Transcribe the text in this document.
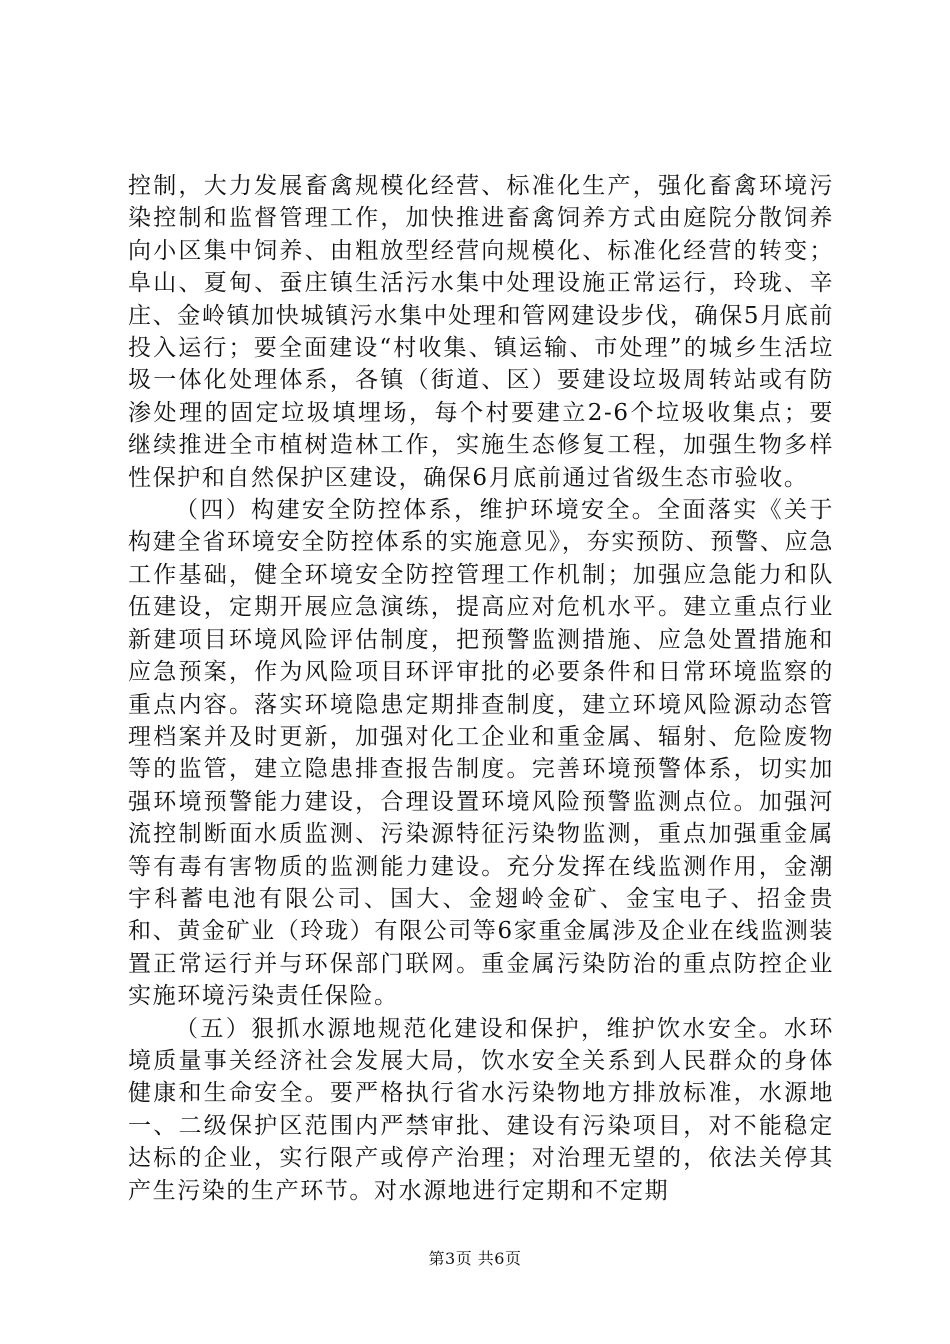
控制，大力发展畜禽规模化经营、标准化生产，强化畜禽环境污染控制和监督管理工作，加快推进畜禽饲养方式由庭院分散饲养向小区集中饲养、由粗放型经营向规模化、标准化经营的转变；阜山、夏甸、蚕庄镇生活污水集中处理设施正常运行，玲珑、辛庄、金岭镇加快城镇污水集中处理和管网建设步伐，确保5月底前投入运行；要全面建设“村收集、镇运输、市处理”的城乡生活垃圾一体化处理体系，各镇（街道、区）要建设垃圾周转站或有防渗处理的固定垃圾填埋场，每个村要建立2-6个垃圾收集点；要继续推进全市植树造林工作，实施生态修复工程，加强生物多样性保护和自然保护区建设，确保6月底前通过省级生态市验收。

（四）构建安全防控体系，维护环境安全。全面落实《关于构建全省环境安全防控体系的实施意见》，夯实预防、预警、应急工作基础，健全环境安全防控管理工作机制；加强应急能力和队伍建设，定期开展应急演练，提高应对危机水平。建立重点行业新建项目环境风险评估制度，把预警监测措施、应急处置措施和应急预案，作为风险项目环评审批的必要条件和日常环境监察的重点内容。落实环境隐患定期排查制度，建立环境风险源动态管理档案并及时更新，加强对化工企业和重金属、辐射、危险废物等的监管，建立隐患排查报告制度。完善环境预警体系，切实加强环境预警能力建设，合理设置环境风险预警监测点位。加强河流控制断面水质监测、污染源特征污染物监测，重点加强重金属等有毒有害物质的监测能力建设。充分发挥在线监测作用，金潮宇科蓄电池有限公司、国大、金翅岭金矿、金宝电子、招金贵和、黄金矿业（玲珑）有限公司等6家重金属涉及企业在线监测装置正常运行并与环保部门联网。重金属污染防治的重点防控企业实施环境污染责任保险。

（五）狠抓水源地规范化建设和保护，维护饮水安全。水环境质量事关经济社会发展大局，饮水安全关系到人民群众的身体健康和生命安全。要严格执行省水污染物地方排放标准，水源地一、二级保护区范围内严禁审批、建设有污染项目，对不能稳定达标的企业，实行限产或停产治理；对治理无望的，依法关停其产生污染的生产环节。对水源地进行定期和不定期

第3页 共6页
